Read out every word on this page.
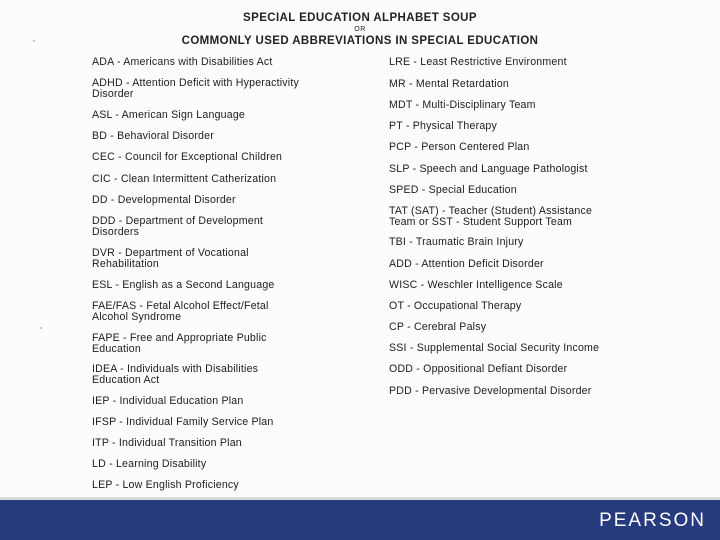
SPECIAL EDUCATION ALPHABET SOUP
OR
COMMONLY USED ABBREVIATIONS IN SPECIAL EDUCATION
ADA - Americans with Disabilities Act
ADHD - Attention Deficit with Hyperactivity
Disorder
ASL - American Sign Language
BD - Behavioral Disorder
CEC - Council for Exceptional Children
CIC - Clean Intermittent Catherization
DD - Developmental Disorder
DDD - Department of Development
Disorders
DVR - Department of Vocational
Rehabilitation
ESL - English as a Second Language
FAE/FAS - Fetal Alcohol Effect/Fetal
Alcohol Syndrome
FAPE - Free and Appropriate Public
Education
IDEA - Individuals with Disabilities
Education Act
IEP - Individual Education Plan
IFSP - Individual Family Service Plan
ITP - Individual Transition Plan
LD - Learning Disability
LEP - Low English Proficiency
LRE - Least Restrictive Environment
MR - Mental Retardation
MDT - Multi-Disciplinary Team
PT - Physical Therapy
PCP - Person Centered Plan
SLP - Speech and Language Pathologist
SPED - Special Education
TAT (SAT) - Teacher (Student) Assistance
Team or SST - Student Support Team
TBI - Traumatic Brain Injury
ADD - Attention Deficit Disorder
WISC - Weschler Intelligence Scale
OT - Occupational Therapy
CP - Cerebral Palsy
SSI - Supplemental Social Security Income
ODD - Oppositional Defiant Disorder
PDD - Pervasive Developmental Disorder
PEARSON
